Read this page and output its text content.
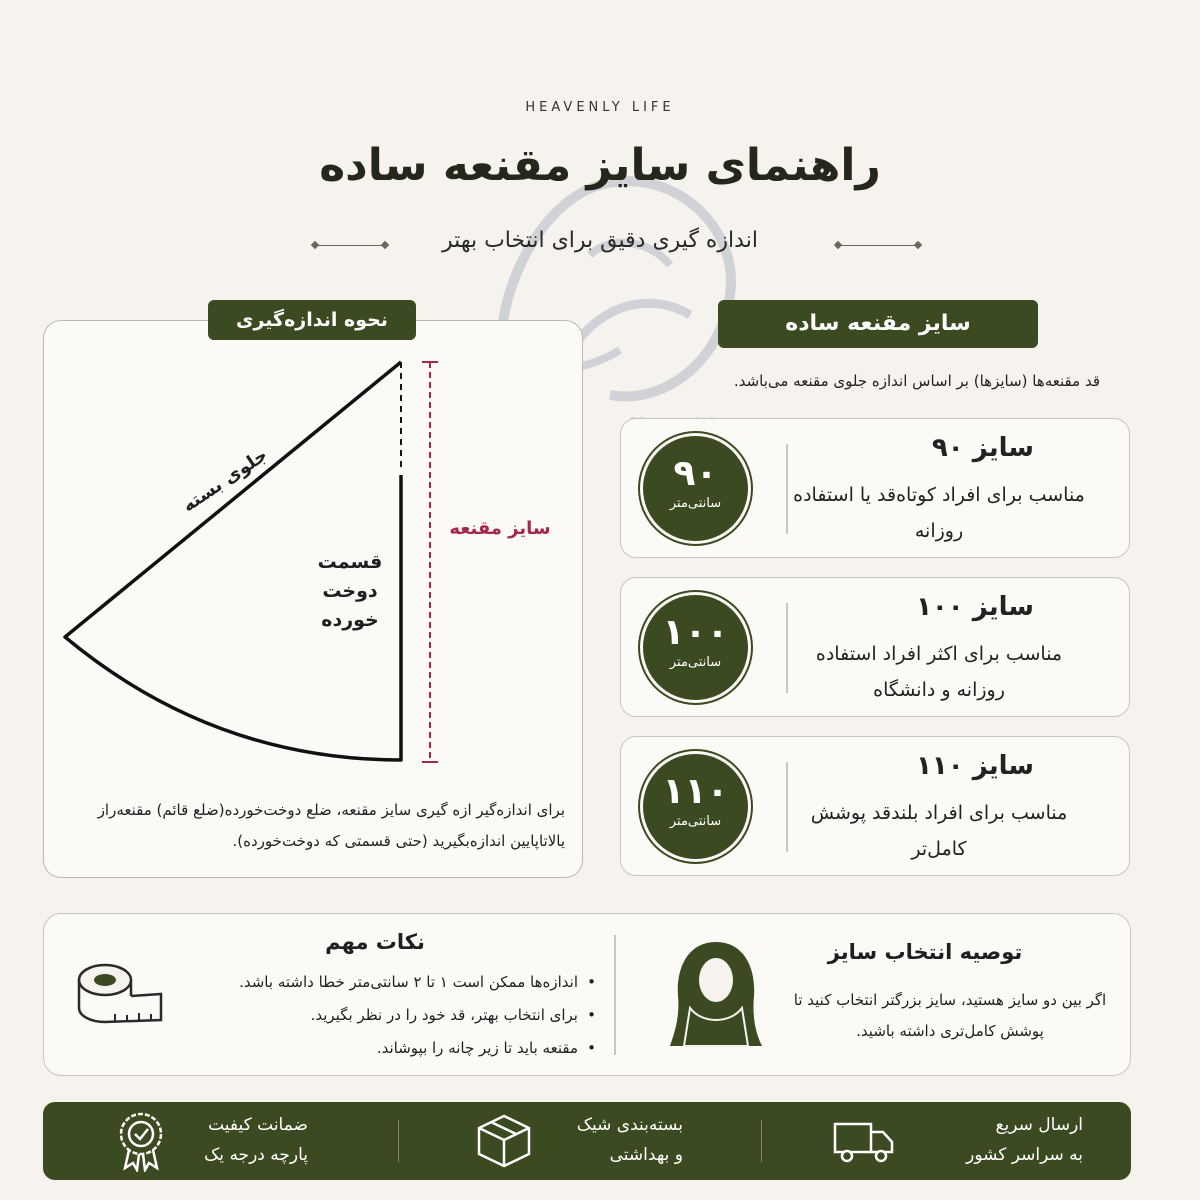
HEAVENLY LIFE
راهنمای سایز مقنعه ساده
اندازه گیری دقیق برای انتخاب بهتر
نحوه اندازه‌گیری
جلوی بسته
قسمت دوخت خورده
سایز مقنعه
برای اندازه‌گیر ازه گیری سایز مقنعه، ضلع دوخت‌خورده(ضلع قائم) مقنعه‌راز یالاتاپایین اندازه‌بگیرید (حتی قسمتی که دوخت‌خورده).
سایز مقنعه ساده
قد مقنعه‌ها (سایزها) بر اساس اندازه جلوی مقنعه می‌باشد.
۹۰
سانتی‌متر
سایز ۹۰
مناسب برای افراد کوتاه‌قد یا استفاده روزانه
۱۰۰
سانتی‌متر
سایز ۱۰۰
مناسب برای اکثر افراد استفاده روزانه و دانشگاه
۱۱۰
سانتی‌متر
سایز ۱۱۰
مناسب برای افراد بلندقد پوشش کامل‌تر
توصیه انتخاب سایز
اگر بین دو سایز هستید، سایز بزرگتر انتخاب کنید تا پوشش کامل‌تری داشته باشید.
نکات مهم
• اندازه‌ها ممکن است ۱ تا ۲ سانتی‌متر خطا داشته باشد.
• برای انتخاب بهتر، قد خود را در نظر بگیرید.
• مقنعه باید تا زیر چانه را بپوشاند.
ارسال سریع
به سراسر کشور
بسته‌بندی شیک
و بهداشتی
ضمانت کیفیت
پارچه درجه یک
